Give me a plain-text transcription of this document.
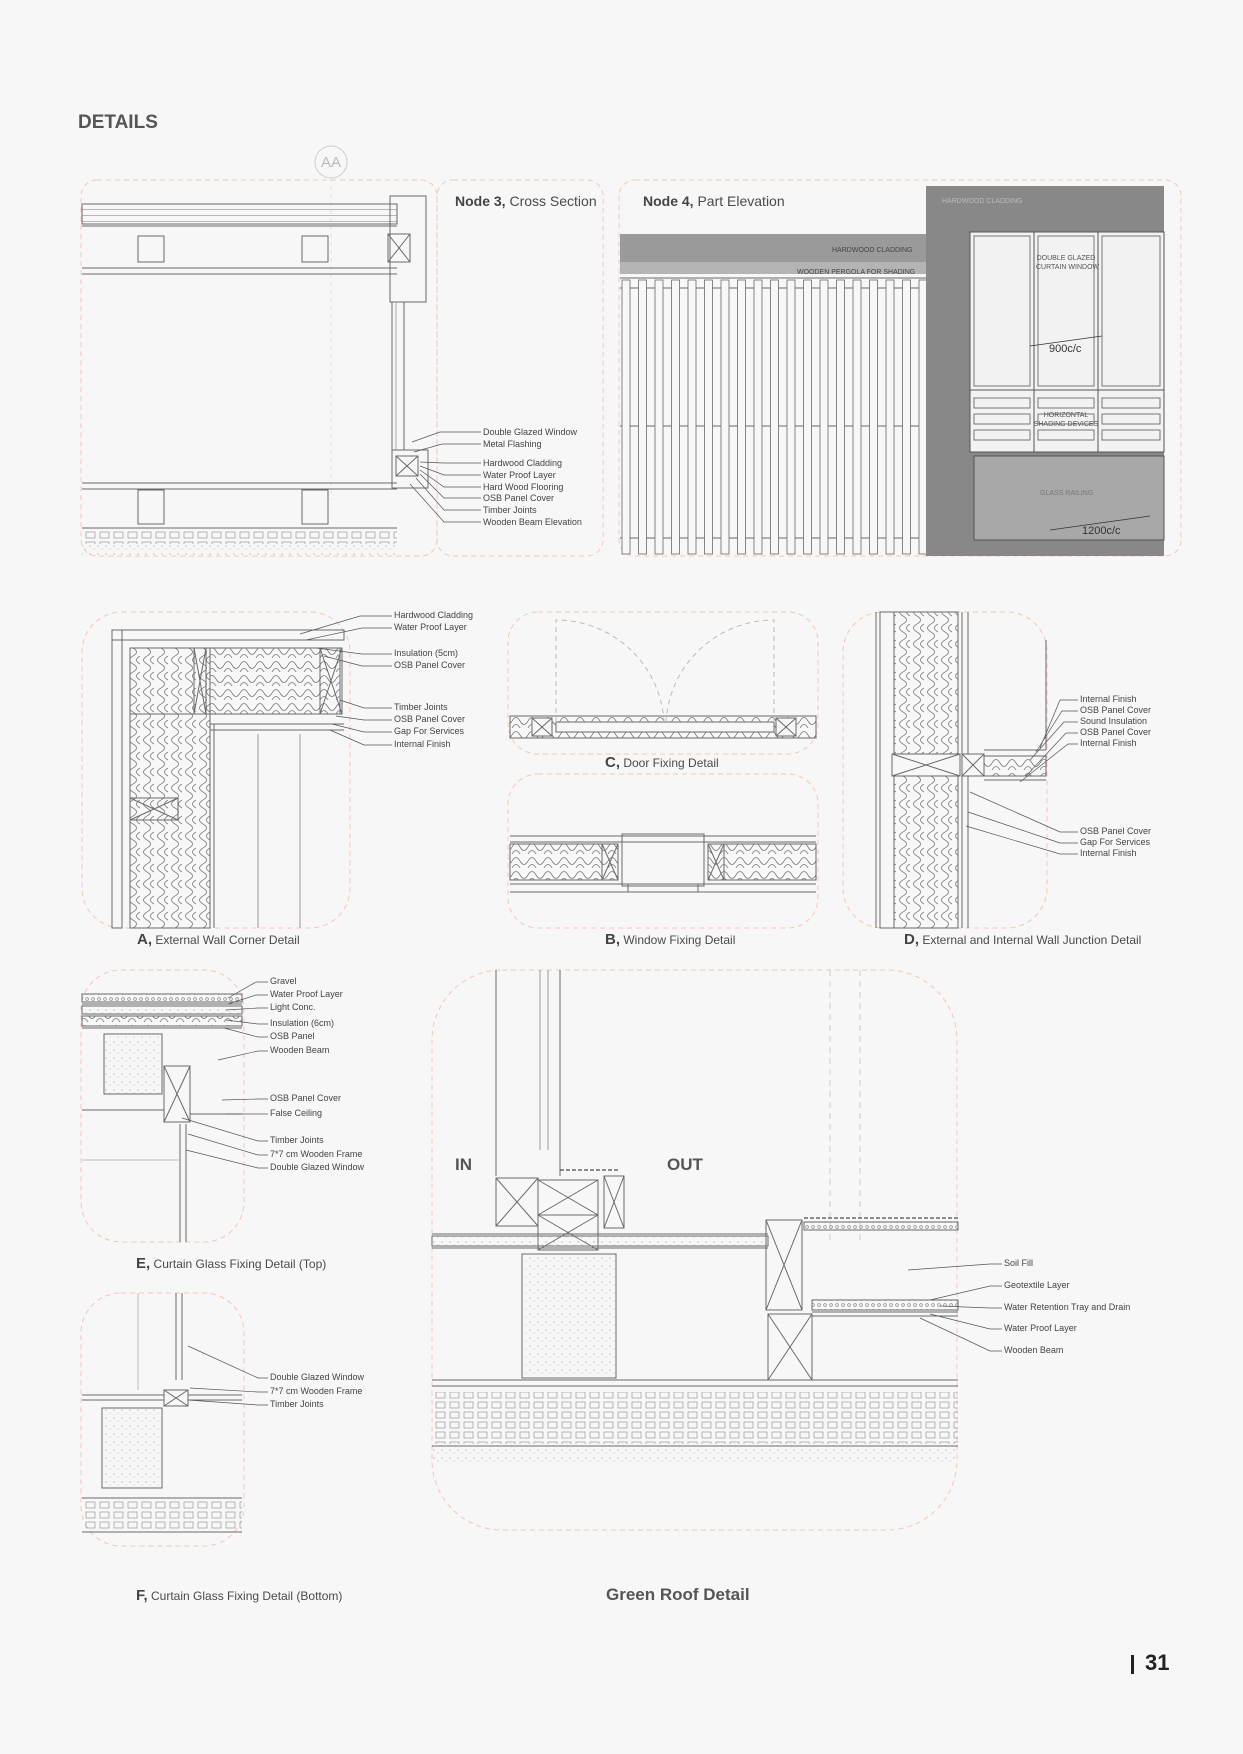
DETAILS
AA
Node 3, Cross Section
Double Glazed Window
Metal Flashing
Hardwood Cladding
Water Proof Layer
Hard Wood Flooring
OSB Panel Cover
Timber Joints
Wooden Beam Elevation
Node 4, Part Elevation	HARDWOOD CLADDING
HARDWOOD CLADDING
WOODEN PERGOLA FOR SHADING
DOUBLE GLAZED
CURTAIN WINDOW
HORIZONTAL
SHADING DEVICES
GLASS RAILING
900c/c
1200c/c
Hardwood Cladding
Water Proof Layer
Insulation (5cm)
OSB Panel Cover
Timber Joints
OSB Panel Cover
Gap For Services
Internal Finish
A, External Wall Corner Detail
C, Door Fixing Detail
B, Window Fixing Detail
Internal Finish
OSB Panel Cover
Sound Insulation
OSB Panel Cover
Internal Finish
OSB Panel Cover
Gap For Services
Internal Finish
D, External and Internal Wall Junction Detail
Gravel
Water Proof Layer
Light Conc.
Insulation (6cm)
OSB Panel
Wooden Beam
OSB Panel Cover
False Ceiling
Timber Joints
7*7 cm Wooden Frame
Double Glazed Window
E, Curtain Glass Fixing Detail (Top)
Double Glazed Window
7*7 cm Wooden Frame
Timber Joints
F, Curtain Glass Fixing Detail (Bottom)
IN	OUT
Soil Fill
Geotextile Layer
Water Retention Tray and Drain
Water Proof Layer
Wooden Beam
Green Roof Detail
31
